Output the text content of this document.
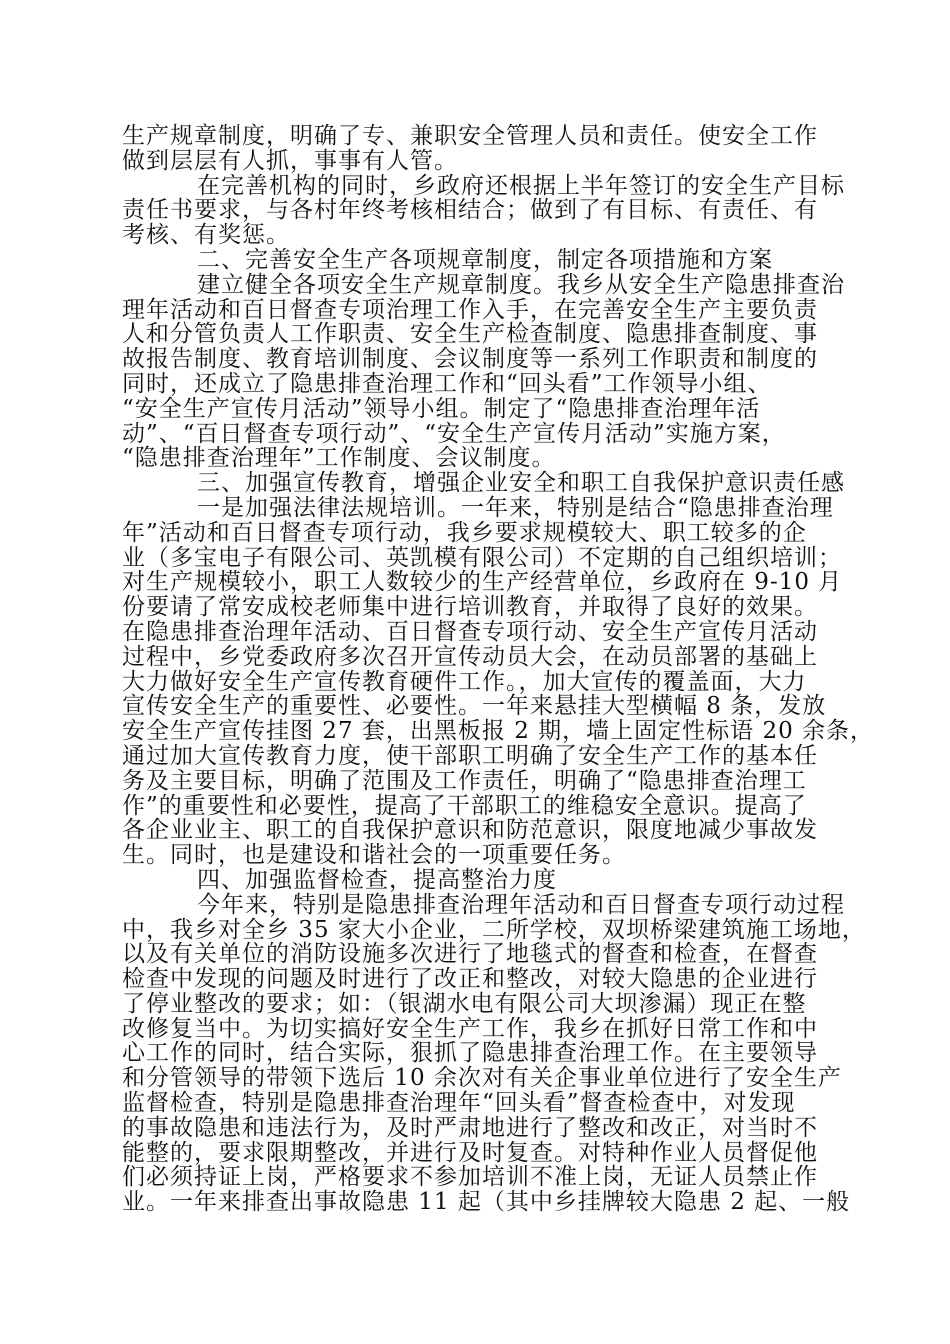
生产规章制度，明确了专、兼职安全管理人员和责任。使安全工作
做到层层有人抓，事事有人管。
在完善机构的同时，乡政府还根据上半年签订的安全生产目标
责任书要求，与各村年终考核相结合；做到了有目标、有责任、有
考核、有奖惩。
二、完善安全生产各项规章制度，制定各项措施和方案
建立健全各项安全生产规章制度。我乡从安全生产隐患排查治
理年活动和百日督查专项治理工作入手，在完善安全生产主要负责
人和分管负责人工作职责、安全生产检查制度、隐患排查制度、事
故报告制度、教育培训制度、会议制度等一系列工作职责和制度的
同时，还成立了隐患排查治理工作和“回头看”工作领导小组、
“安全生产宣传月活动”领导小组。制定了“隐患排查治理年活
动”、“百日督查专项行动”、“安全生产宣传月活动”实施方案，
“隐患排查治理年”工作制度、会议制度。
三、加强宣传教育，增强企业安全和职工自我保护意识责任感
一是加强法律法规培训。一年来，特别是结合“隐患排查治理
年”活动和百日督查专项行动，我乡要求规模较大、职工较多的企
业（多宝电子有限公司、英凯模有限公司）不定期的自己组织培训；
对生产规模较小，职工人数较少的生产经营单位，乡政府在 9-10 月
份要请了常安成校老师集中进行培训教育，并取得了良好的效果。
在隐患排查治理年活动、百日督查专项行动、安全生产宣传月活动
过程中，乡党委政府多次召开宣传动员大会，在动员部署的基础上
大力做好安全生产宣传教育硬件工作。，加大宣传的覆盖面，大力
宣传安全生产的重要性、必要性。一年来悬挂大型横幅 8 条，发放
安全生产宣传挂图 27 套，出黑板报 2 期，墙上固定性标语 20 余条，
通过加大宣传教育力度，使干部职工明确了安全生产工作的基本任
务及主要目标，明确了范围及工作责任，明确了“隐患排查治理工
作”的重要性和必要性，提高了干部职工的维稳安全意识。提高了
各企业业主、职工的自我保护意识和防范意识，限度地减少事故发
生。同时，也是建设和谐社会的一项重要任务。
四、加强监督检查，提高整治力度
今年来，特别是隐患排查治理年活动和百日督查专项行动过程
中，我乡对全乡 35 家大小企业，二所学校，双坝桥梁建筑施工场地，
以及有关单位的消防设施多次进行了地毯式的督查和检查，在督查
检查中发现的问题及时进行了改正和整改，对较大隐患的企业进行
了停业整改的要求；如：（银湖水电有限公司大坝渗漏）现正在整
改修复当中。为切实搞好安全生产工作，我乡在抓好日常工作和中
心工作的同时，结合实际，狠抓了隐患排查治理工作。在主要领导
和分管领导的带领下选后 10 余次对有关企事业单位进行了安全生产
监督检查，特别是隐患排查治理年“回头看”督查检查中，对发现
的事故隐患和违法行为，及时严肃地进行了整改和改正，对当时不
能整的，要求限期整改，并进行及时复查。对特种作业人员督促他
们必须持证上岗，严格要求不参加培训不准上岗，无证人员禁止作
业。一年来排查出事故隐患 11 起（其中乡挂牌较大隐患 2 起、一般
